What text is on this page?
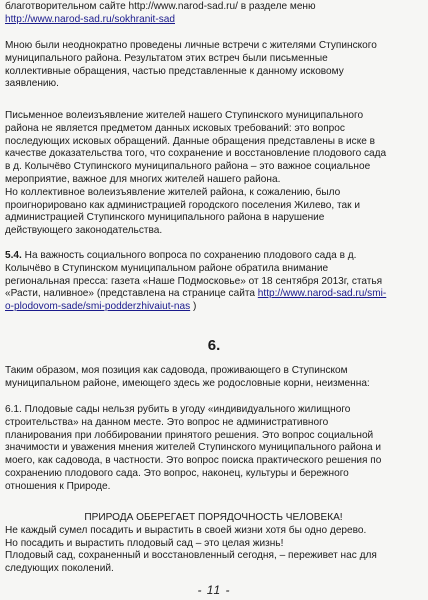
благотворительном сайте http://www.narod-sad.ru/ в разделе меню
http://www.narod-sad.ru/sokhranit-sad
Мною были неоднократно проведены личные встречи с жителями Ступинского
муниципального района. Результатом этих встреч были письменные
коллективные обращения, частью представленные к данному исковому
заявлению.
Письменное волеизъявление жителей нашего Ступинского муниципального
района не является предметом данных исковых требований: это вопрос
последующих исковых обращений. Данные обращения представлены в иске в
качестве доказательства того, что сохранение и восстановление плодового сада
в д. Колычёво Ступинского муниципального района – это важное социальное
мероприятие, важное для многих жителей нашего района.
Но коллективное волеизъявление жителей района, к сожалению, было
проигнорировано как администрацией городского поселения Жилево, так и
администрацией Ступинского муниципального района в нарушение
действующего законодательства.
5.4. На важность социального вопроса по сохранению плодового сада в д.
Колычёво в Ступинском муниципальном районе обратила внимание
региональная пресса: газета «Наше Подмосковье» от 18 сентября 2013г, статья
«Расти, наливное» (представлена на странице сайта http://www.narod-sad.ru/smi-
o-plodovom-sade/smi-podderzhivaiut-nas )
6.
Таким образом, моя позиция как садовода, проживающего в Ступинском
муниципальном районе, имеющего здесь же родословные корни, неизменна:
6.1. Плодовые сады нельзя рубить в угоду «индивидуального жилищного
строительства» на данном месте. Это вопрос не административного
планирования при лоббировании принятого решения. Это вопрос социальной
значимости и уважения мнения жителей Ступинского муниципального района и
моего, как садовода, в частности. Это вопрос поиска практического решения по
сохранению плодового сада. Это вопрос, наконец, культуры и бережного
отношения к Природе.
ПРИРОДА ОБЕРЕГАЕТ ПОРЯДОЧНОСТЬ ЧЕЛОВЕКА!
Не каждый сумел посадить и вырастить в своей жизни хотя бы одно дерево.
Но посадить и вырастить плодовый сад – это целая жизнь!
Плодовый сад, сохраненный и восстановленный сегодня, – переживет нас для
следующих поколений.
- 11 -
